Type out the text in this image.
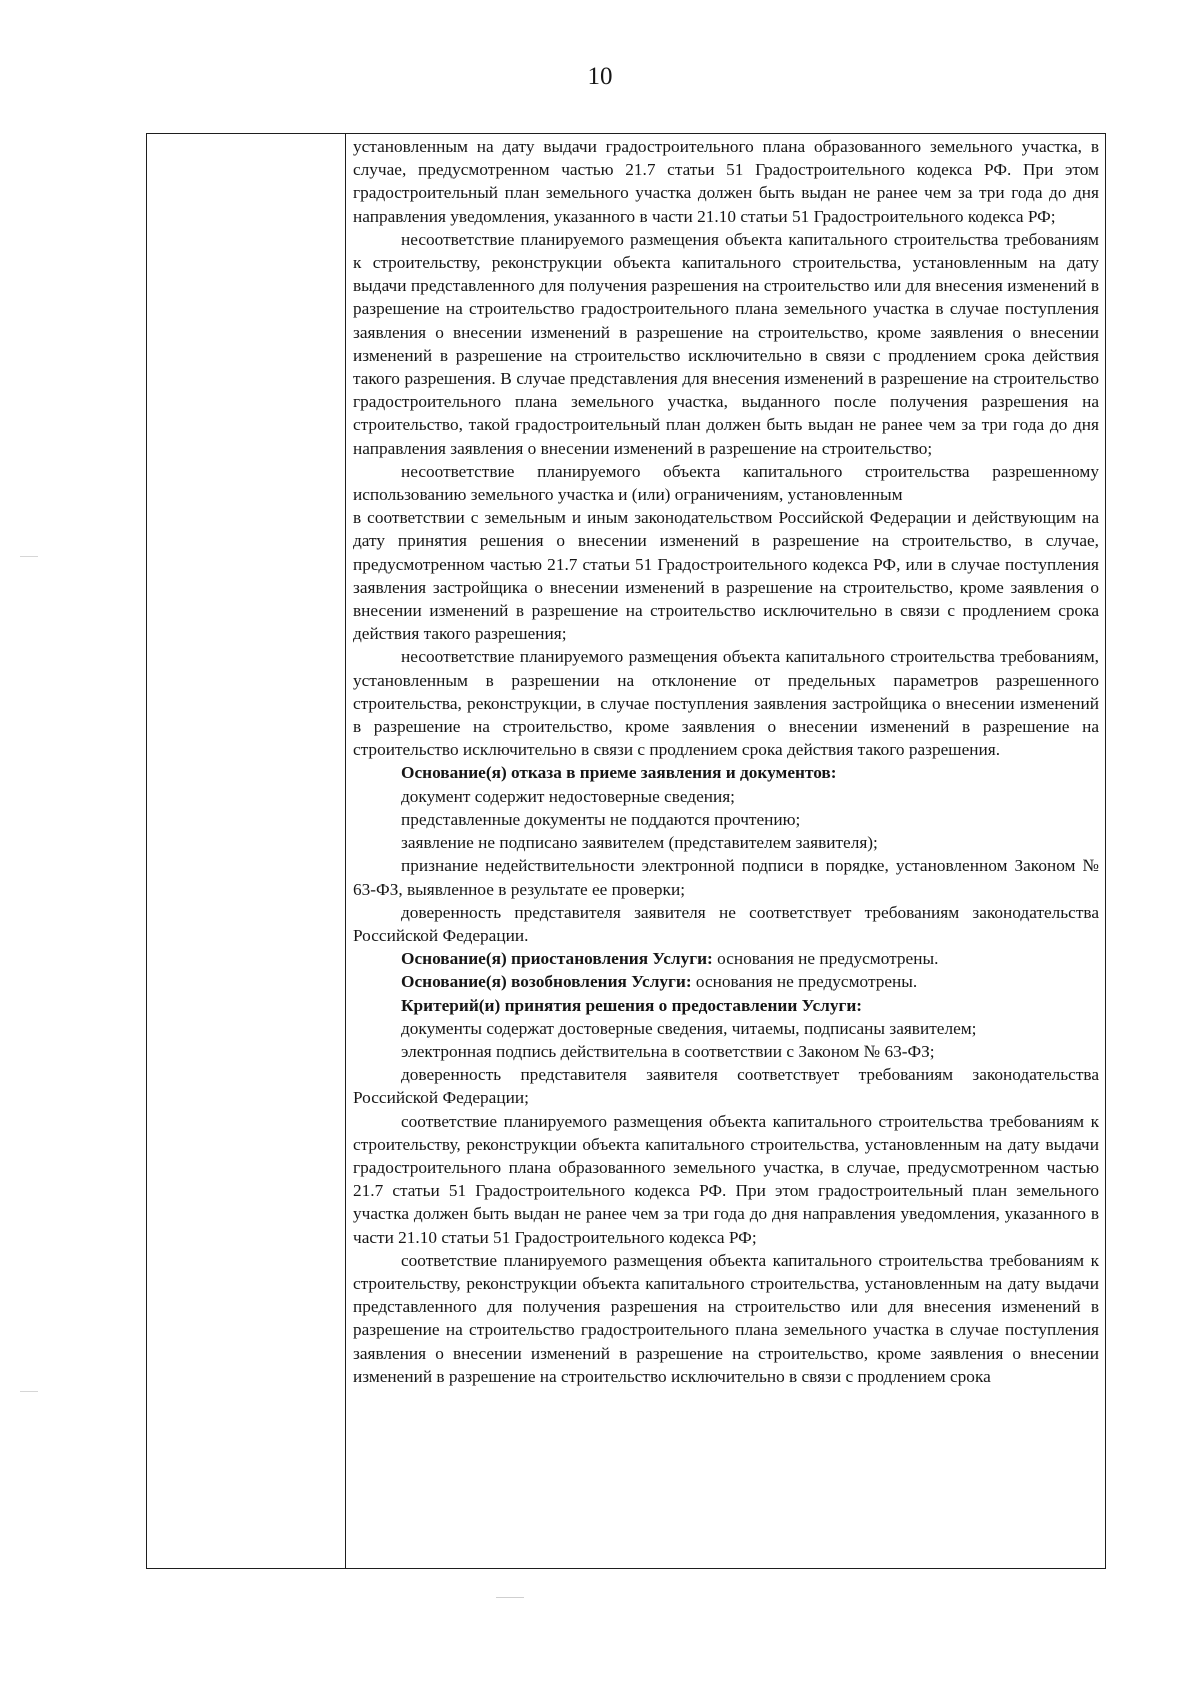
10

установленным на дату выдачи градостроительного плана образованного земельного участка, в случае, предусмотренном частью 21.7 статьи 51 Градостроительного кодекса РФ. При этом градостроительный план земельного участка должен быть выдан не ранее чем за три года до дня направления уведомления, указанного в части 21.10 статьи 51 Градостроительного кодекса РФ;

несоответствие планируемого размещения объекта капитального строительства требованиям к строительству, реконструкции объекта капитального строительства, установленным на дату выдачи представленного для получения разрешения на строительство или для внесения изменений в разрешение на строительство градостроительного плана земельного участка в случае поступления заявления о внесении изменений в разрешение на строительство, кроме заявления о внесении изменений в разрешение на строительство исключительно в связи с продлением срока действия такого разрешения. В случае представления для внесения изменений в разрешение на строительство градостроительного плана земельного участка, выданного после получения разрешения на строительство, такой градостроительный план должен быть выдан не ранее чем за три года до дня направления заявления о внесении изменений в разрешение на строительство;

несоответствие планируемого объекта капитального строительства разрешенному использованию земельного участка и (или) ограничениям, установленным

в соответствии с земельным и иным законодательством Российской Федерации и действующим на дату принятия решения о внесении изменений в разрешение на строительство, в случае, предусмотренном частью 21.7 статьи 51 Градостроительного кодекса РФ, или в случае поступления заявления застройщика о внесении изменений в разрешение на строительство, кроме заявления о внесении изменений в разрешение на строительство исключительно в связи с продлением срока действия такого разрешения;

несоответствие планируемого размещения объекта капитального строительства требованиям, установленным в разрешении на отклонение от предельных параметров разрешенного строительства, реконструкции, в случае поступления заявления застройщика о внесении изменений в разрешение на строительство, кроме заявления о внесении изменений в разрешение на строительство исключительно в связи с продлением срока действия такого разрешения.

Основание(я) отказа в приеме заявления и документов:

документ содержит недостоверные сведения;

представленные документы не поддаются прочтению;

заявление не подписано заявителем (представителем заявителя);

признание недействительности электронной подписи в порядке, установленном Законом № 63-ФЗ, выявленное в результате ее проверки;

доверенность представителя заявителя не соответствует требованиям законодательства Российской Федерации.

Основание(я) приостановления Услуги: основания не предусмотрены.

Основание(я) возобновления Услуги: основания не предусмотрены.

Критерий(и) принятия решения о предоставлении Услуги:

документы содержат достоверные сведения, читаемы, подписаны заявителем;

электронная подпись действительна в соответствии с Законом № 63-ФЗ;

доверенность представителя заявителя соответствует требованиям законодательства Российской Федерации;

соответствие планируемого размещения объекта капитального строительства требованиям к строительству, реконструкции объекта капитального строительства, установленным на дату выдачи градостроительного плана образованного земельного участка, в случае, предусмотренном частью 21.7 статьи 51 Градостроительного кодекса РФ. При этом градостроительный план земельного участка должен быть выдан не ранее чем за три года до дня направления уведомления, указанного в части 21.10 статьи 51 Градостроительного кодекса РФ;

соответствие планируемого размещения объекта капитального строительства требованиям к строительству, реконструкции объекта капитального строительства, установленным на дату выдачи представленного для получения разрешения на строительство или для внесения изменений в разрешение на строительство градостроительного плана земельного участка в случае поступления заявления о внесении изменений в разрешение на строительство, кроме заявления о внесении изменений в разрешение на строительство исключительно в связи с продлением срока
